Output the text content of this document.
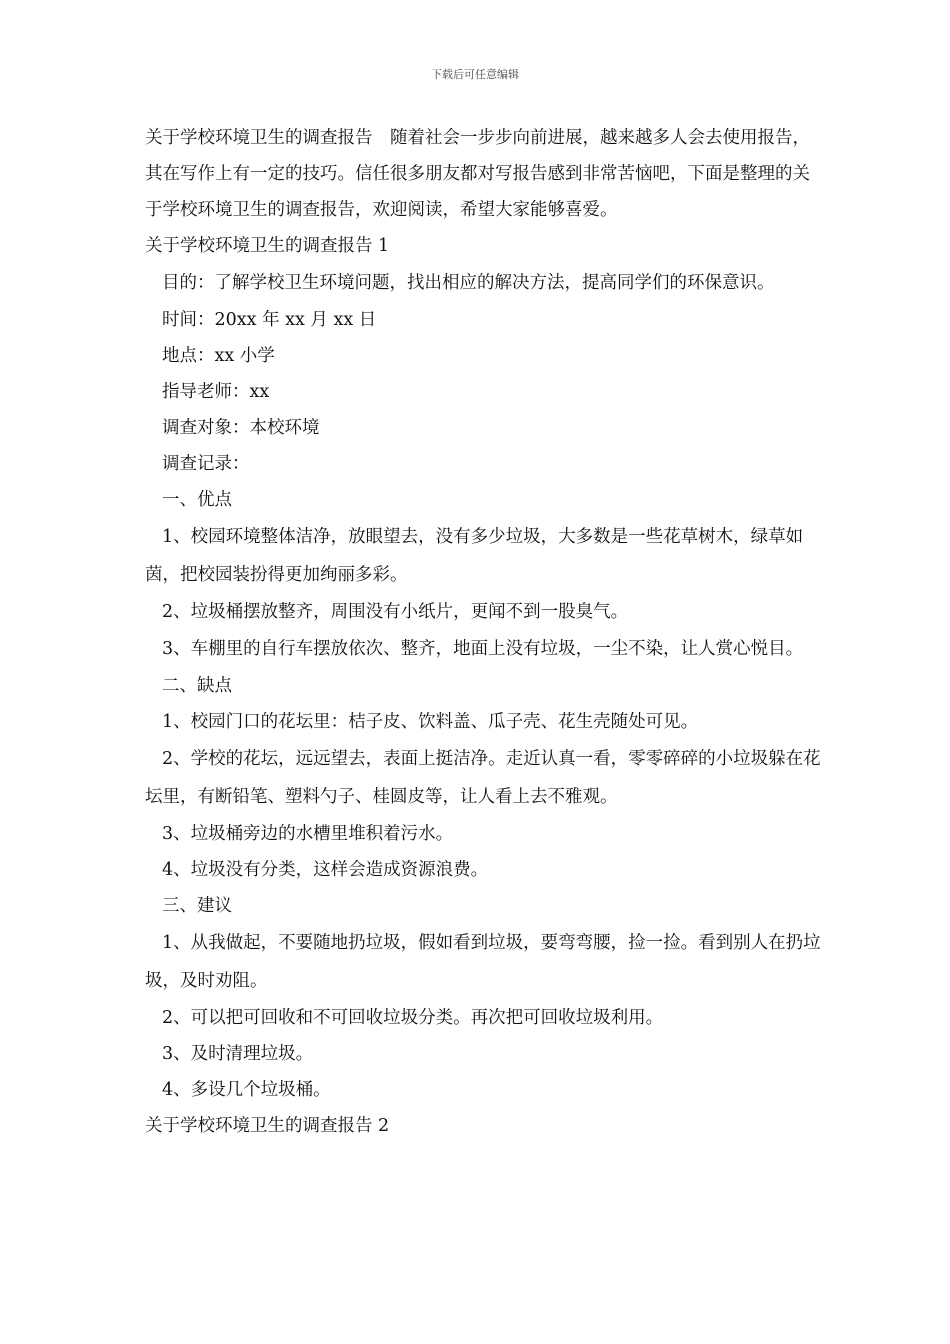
下载后可任意编辑

关于学校环境卫生的调查报告　随着社会一步步向前进展，越来越多人会去使用报告，其在写作上有一定的技巧。信任很多朋友都对写报告感到非常苦恼吧，下面是整理的关于学校环境卫生的调查报告，欢迎阅读，希望大家能够喜爱。

关于学校环境卫生的调查报告 1

目的：了解学校卫生环境问题，找出相应的解决方法，提高同学们的环保意识。

时间：20xx 年 xx 月 xx 日

地点：xx 小学

指导老师：xx

调查对象：本校环境

调查记录：

一、优点

1、校园环境整体洁净，放眼望去，没有多少垃圾，大多数是一些花草树木，绿草如茵，把校园装扮得更加绚丽多彩。

2、垃圾桶摆放整齐，周围没有小纸片，更闻不到一股臭气。

3、车棚里的自行车摆放依次、整齐，地面上没有垃圾，一尘不染，让人赏心悦目。

二、缺点

1、校园门口的花坛里：桔子皮、饮料盖、瓜子壳、花生壳随处可见。

2、学校的花坛，远远望去，表面上挺洁净。走近认真一看，零零碎碎的小垃圾躲在花坛里，有断铅笔、塑料勺子、桂圆皮等，让人看上去不雅观。

3、垃圾桶旁边的水槽里堆积着污水。

4、垃圾没有分类，这样会造成资源浪费。

三、建议

1、从我做起，不要随地扔垃圾，假如看到垃圾，要弯弯腰，捡一捡。看到别人在扔垃圾，及时劝阻。

2、可以把可回收和不可回收垃圾分类。再次把可回收垃圾利用。

3、及时清理垃圾。

4、多设几个垃圾桶。

关于学校环境卫生的调查报告 2
